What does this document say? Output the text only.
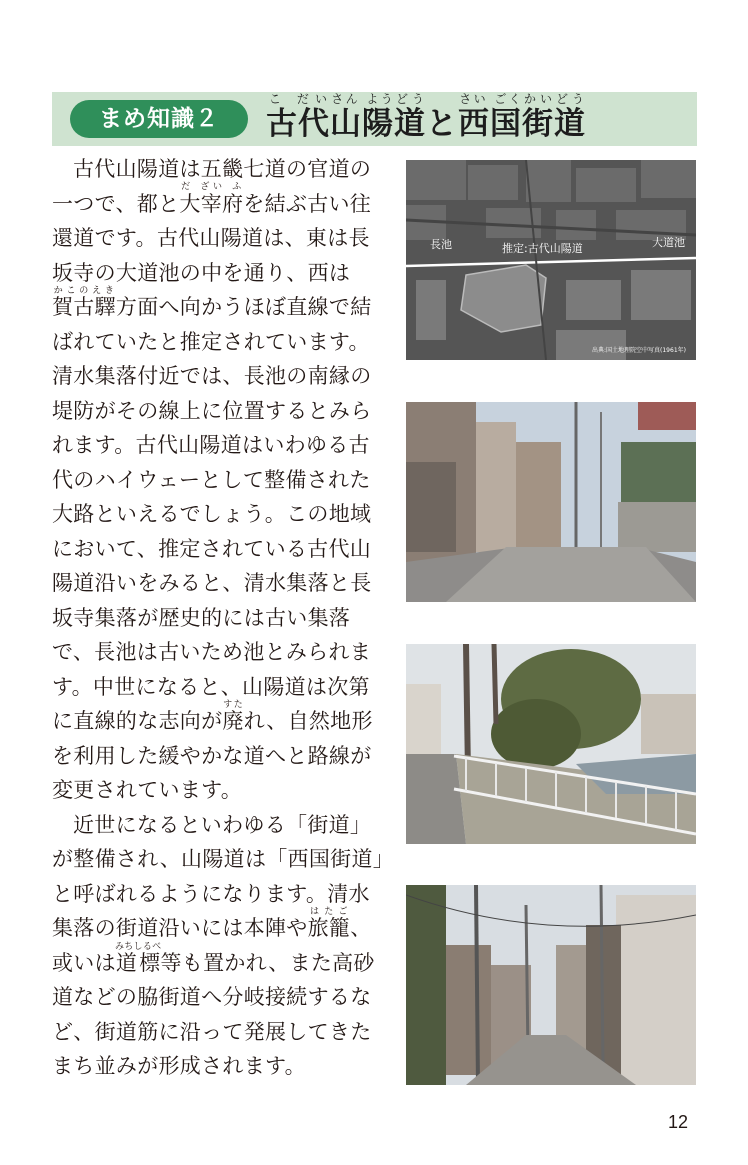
まめ知識２	古代こ だい山陽さん よう道どうと西国さい ごく街かい道どう

古代山陽道は五畿七道の官道の一つで、都と大宰府だ ざい ふを結ぶ古い往還道です。古代山陽道は、東は長坂寺の大道池の中を通り、西は賀古驛かこのえき方面へ向かうほぼ直線で結ばれていたと推定されています。清水集落付近では、長池の南縁の堤防がその線上に位置するとみられます。古代山陽道はいわゆる古代のハイウェーとして整備された大路といえるでしょう。この地域において、推定されている古代山陽道沿いをみると、清水集落と長坂寺集落が歴史的には古い集落で、長池は古いため池とみられます。中世になると、山陽道は次第に直線的な志向が廃すたれ、自然地形を利用した緩やかな道へと路線が変更されています。

近世になるといわゆる「街道」が整備され、山陽道は「西国街道」と呼ばれるようになります。清水集落の街道沿いには本陣や旅籠はたご、或いは道標みちしるべ等も置かれ、また高砂道などの脇街道へ分岐接続するなど、街道筋に沿って発展してきたまち並みが形成されます。

長池	推定:古代山陽道	大道池
出典:国土地理院空中写真(1961年)
12
